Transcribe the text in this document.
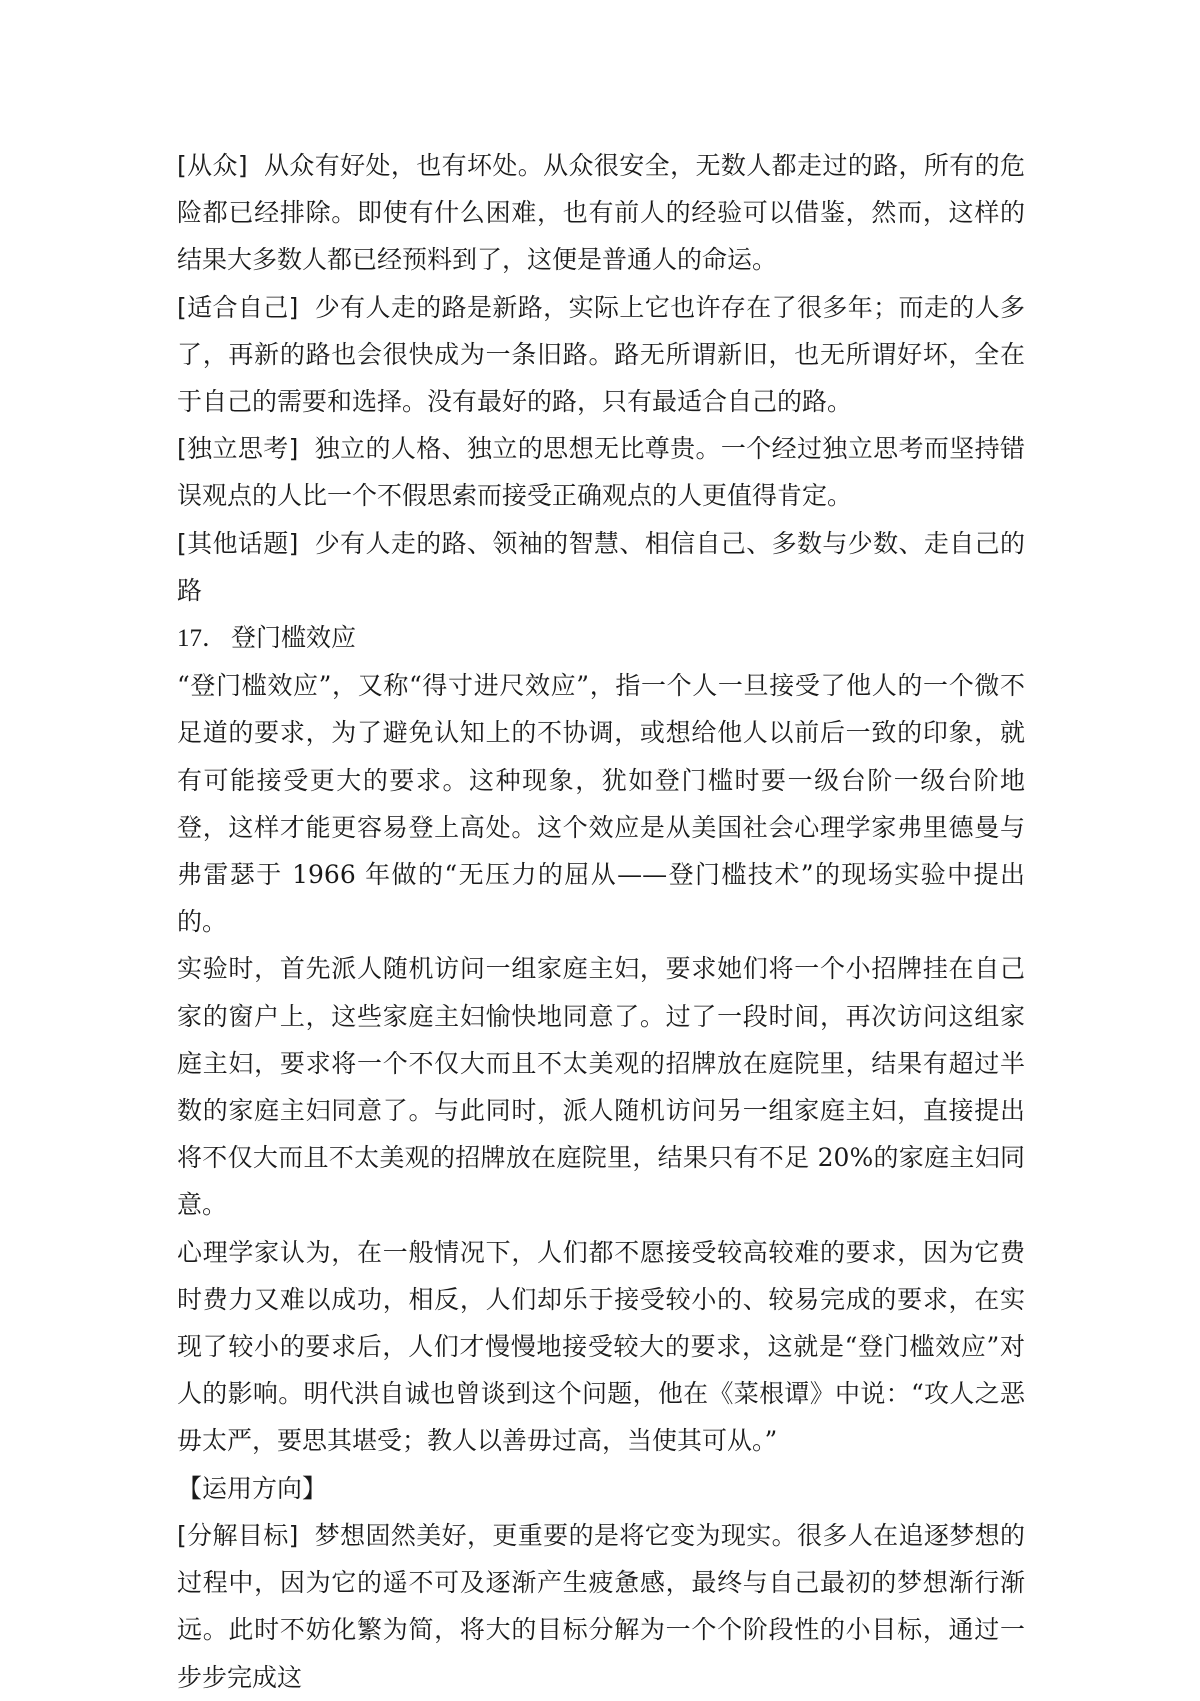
[从众] 从众有好处，也有坏处。从众很安全，无数人都走过的路，所有的危险都已经排除。即使有什么困难，也有前人的经验可以借鉴，然而，这样的结果大多数人都已经预料到了，这便是普通人的命运。

[适合自己] 少有人走的路是新路，实际上它也许存在了很多年；而走的人多了，再新的路也会很快成为一条旧路。路无所谓新旧，也无所谓好坏，全在于自己的需要和选择。没有最好的路，只有最适合自己的路。

[独立思考] 独立的人格、独立的思想无比尊贵。一个经过独立思考而坚持错误观点的人比一个不假思索而接受正确观点的人更值得肯定。

[其他话题] 少有人走的路、领袖的智慧、相信自己、多数与少数、走自己的路

17． 登门槛效应

“登门槛效应”，又称“得寸进尺效应”，指一个人一旦接受了他人的一个微不足道的要求，为了避免认知上的不协调，或想给他人以前后一致的印象，就有可能接受更大的要求。这种现象，犹如登门槛时要一级台阶一级台阶地登，这样才能更容易登上高处。这个效应是从美国社会心理学家弗里德曼与弗雷瑟于 1966 年做的“无压力的屈从——登门槛技术”的现场实验中提出的。

实验时，首先派人随机访问一组家庭主妇，要求她们将一个小招牌挂在自己家的窗户上，这些家庭主妇愉快地同意了。过了一段时间，再次访问这组家庭主妇，要求将一个不仅大而且不太美观的招牌放在庭院里，结果有超过半数的家庭主妇同意了。与此同时，派人随机访问另一组家庭主妇，直接提出将不仅大而且不太美观的招牌放在庭院里，结果只有不足 20%的家庭主妇同意。

心理学家认为，在一般情况下，人们都不愿接受较高较难的要求，因为它费时费力又难以成功，相反，人们却乐于接受较小的、较易完成的要求，在实现了较小的要求后，人们才慢慢地接受较大的要求，这就是“登门槛效应”对人的影响。明代洪自诚也曾谈到这个问题，他在《菜根谭》中说：“攻人之恶毋太严，要思其堪受；教人以善毋过高，当使其可从。”

【运用方向】

[分解目标] 梦想固然美好，更重要的是将它变为现实。很多人在追逐梦想的过程中，因为它的遥不可及逐渐产生疲惫感，最终与自己最初的梦想渐行渐远。此时不妨化繁为简，将大的目标分解为一个个阶段性的小目标，通过一步步完成这
